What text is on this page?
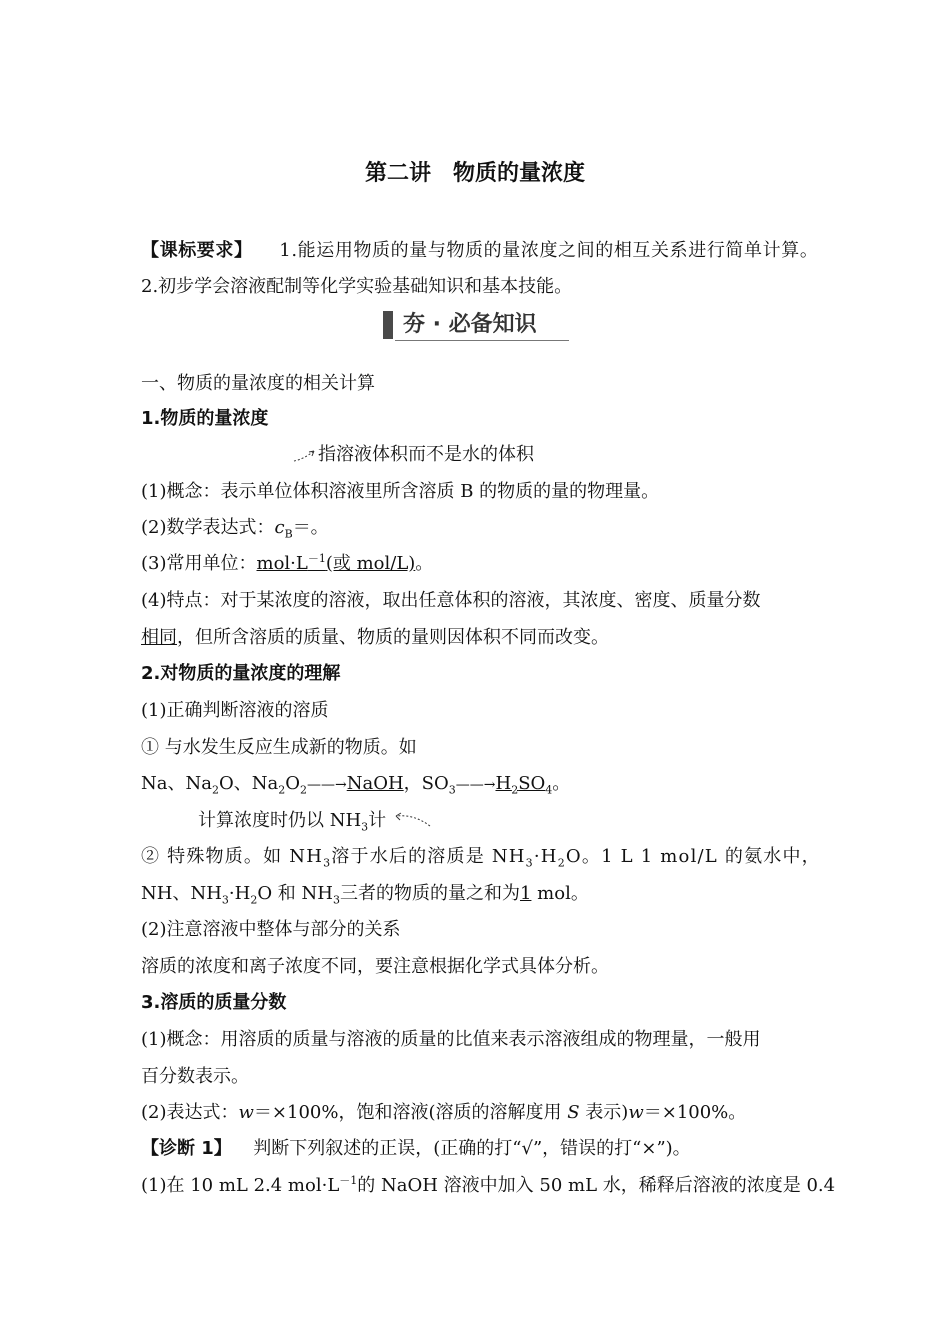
第二讲　物质的量浓度
【课标要求】 1.能运用物质的量与物质的量浓度之间的相互关系进行简单计算。
2.初步学会溶液配制等化学实验基础知识和基本技能。
夯 · 必备知识
一、物质的量浓度的相关计算
1.物质的量浓度
指溶液体积而不是水的体积
(1)概念：表示单位体积溶液里所含溶质 B 的物质的量的物理量。
(2)数学表达式：$c_B=$。
(3)常用单位：$mol\cdot L^{-1}$(或 mol/L)。
(4)特点：对于某浓度的溶液，取出任意体积的溶液，其浓度、密度、质量分数
相同，但所含溶质的质量、物质的量则因体积不同而改变。
2.对物质的量浓度的理解
(1)正确判断溶液的溶质
① 与水发生反应生成新的物质。如
Na、$Na_2O$、$Na_2O_2——\to NaOH$，$SO_3——\to H_2SO_4$。
计算浓度时仍以 $NH_3$计
② 特殊物质。如 $NH_3$溶于水后的溶质是 $NH_3\cdot H_2O$。1 L 1 mol/L 的氨水中，
NH、$NH_3\cdot H_2O$ 和 $NH_3$三者的物质的量之和为1 mol。
(2)注意溶液中整体与部分的关系
溶质的浓度和离子浓度不同，要注意根据化学式具体分析。
3.溶质的质量分数
(1)概念：用溶质的质量与溶液的质量的比值来表示溶液组成的物理量，一般用
百分数表示。
(2)表达式：w＝×100%，饱和溶液(溶质的溶解度用 S 表示)w＝×100%。
【诊断 1】 判断下列叙述的正误，(正确的打“√”，错误的打“×”)。
(1)在 10 mL 2.4 $mol\cdot L^{-1}$的 NaOH 溶液中加入 50 mL 水，稀释后溶液的浓度是 0.4
